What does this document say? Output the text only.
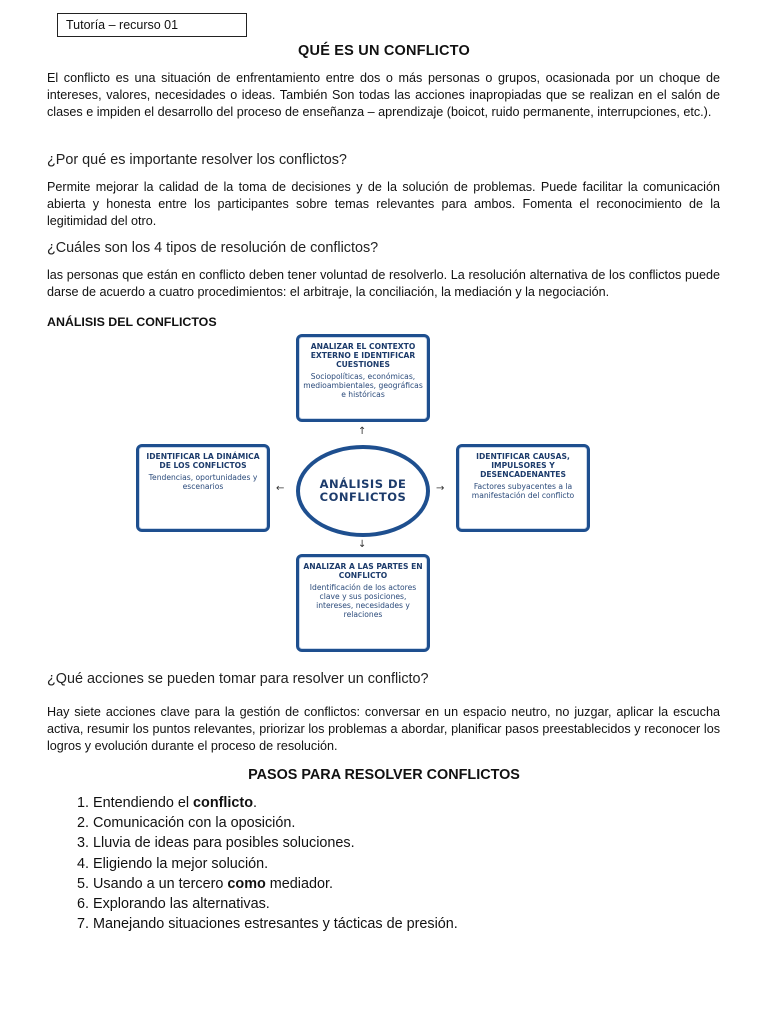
Tutoría – recurso 01
QUÉ ES UN CONFLICTO
El conflicto es una situación de enfrentamiento entre dos o más personas o grupos, ocasionada por un choque de intereses, valores, necesidades o ideas. También Son todas las acciones inapropiadas que se realizan en el salón de clases e impiden el desarrollo del proceso de enseñanza – aprendizaje (boicot, ruido permanente, interrupciones, etc.).
¿Por qué es importante resolver los conflictos?
Permite mejorar la calidad de la toma de decisiones y de la solución de problemas. Puede facilitar la comunicación abierta y honesta entre los participantes sobre temas relevantes para ambos. Fomenta el reconocimiento de la legitimidad del otro.
¿Cuáles son los 4 tipos de resolución de conflictos?
las personas que están en conflicto deben tener voluntad de resolverlo. La resolución alternativa de los conflictos puede darse de acuerdo a cuatro procedimientos: el arbitraje, la conciliación, la mediación y la negociación.
ANÁLISIS DEL CONFLICTOS
ANALIZAR EL CONTEXTO EXTERNO E IDENTIFICAR CUESTIONES
Sociopolíticas, económicas, medioambientales, geográficas e históricas
↑
IDENTIFICAR LA DINÁMICA DE LOS CONFLICTOS
Tendencias, oportunidades y escenarios	←	ANÁLISIS DE CONFLICTOS
→
IDENTIFICAR CAUSAS, IMPULSORES Y DESENCADENANTES
Factores subyacentes a la manifestación del conflicto
↓
ANALIZAR A LAS PARTES EN CONFLICTO
Identificación de los actores clave y sus posiciones, intereses, necesidades y relaciones
¿Qué acciones se pueden tomar para resolver un conflicto?
Hay siete acciones clave para la gestión de conflictos: conversar en un espacio neutro, no juzgar, aplicar la escucha activa, resumir los puntos relevantes, priorizar los problemas a abordar, planificar pasos preestablecidos y reconocer los logros y evolución durante el proceso de resolución.
PASOS PARA RESOLVER CONFLICTOS
1. Entendiendo el conflicto.
2. Comunicación con la oposición.
3. Lluvia de ideas para posibles soluciones.
4. Eligiendo la mejor solución.
5. Usando a un tercero como mediador.
6. Explorando las alternativas.
7. Manejando situaciones estresantes y tácticas de presión.
